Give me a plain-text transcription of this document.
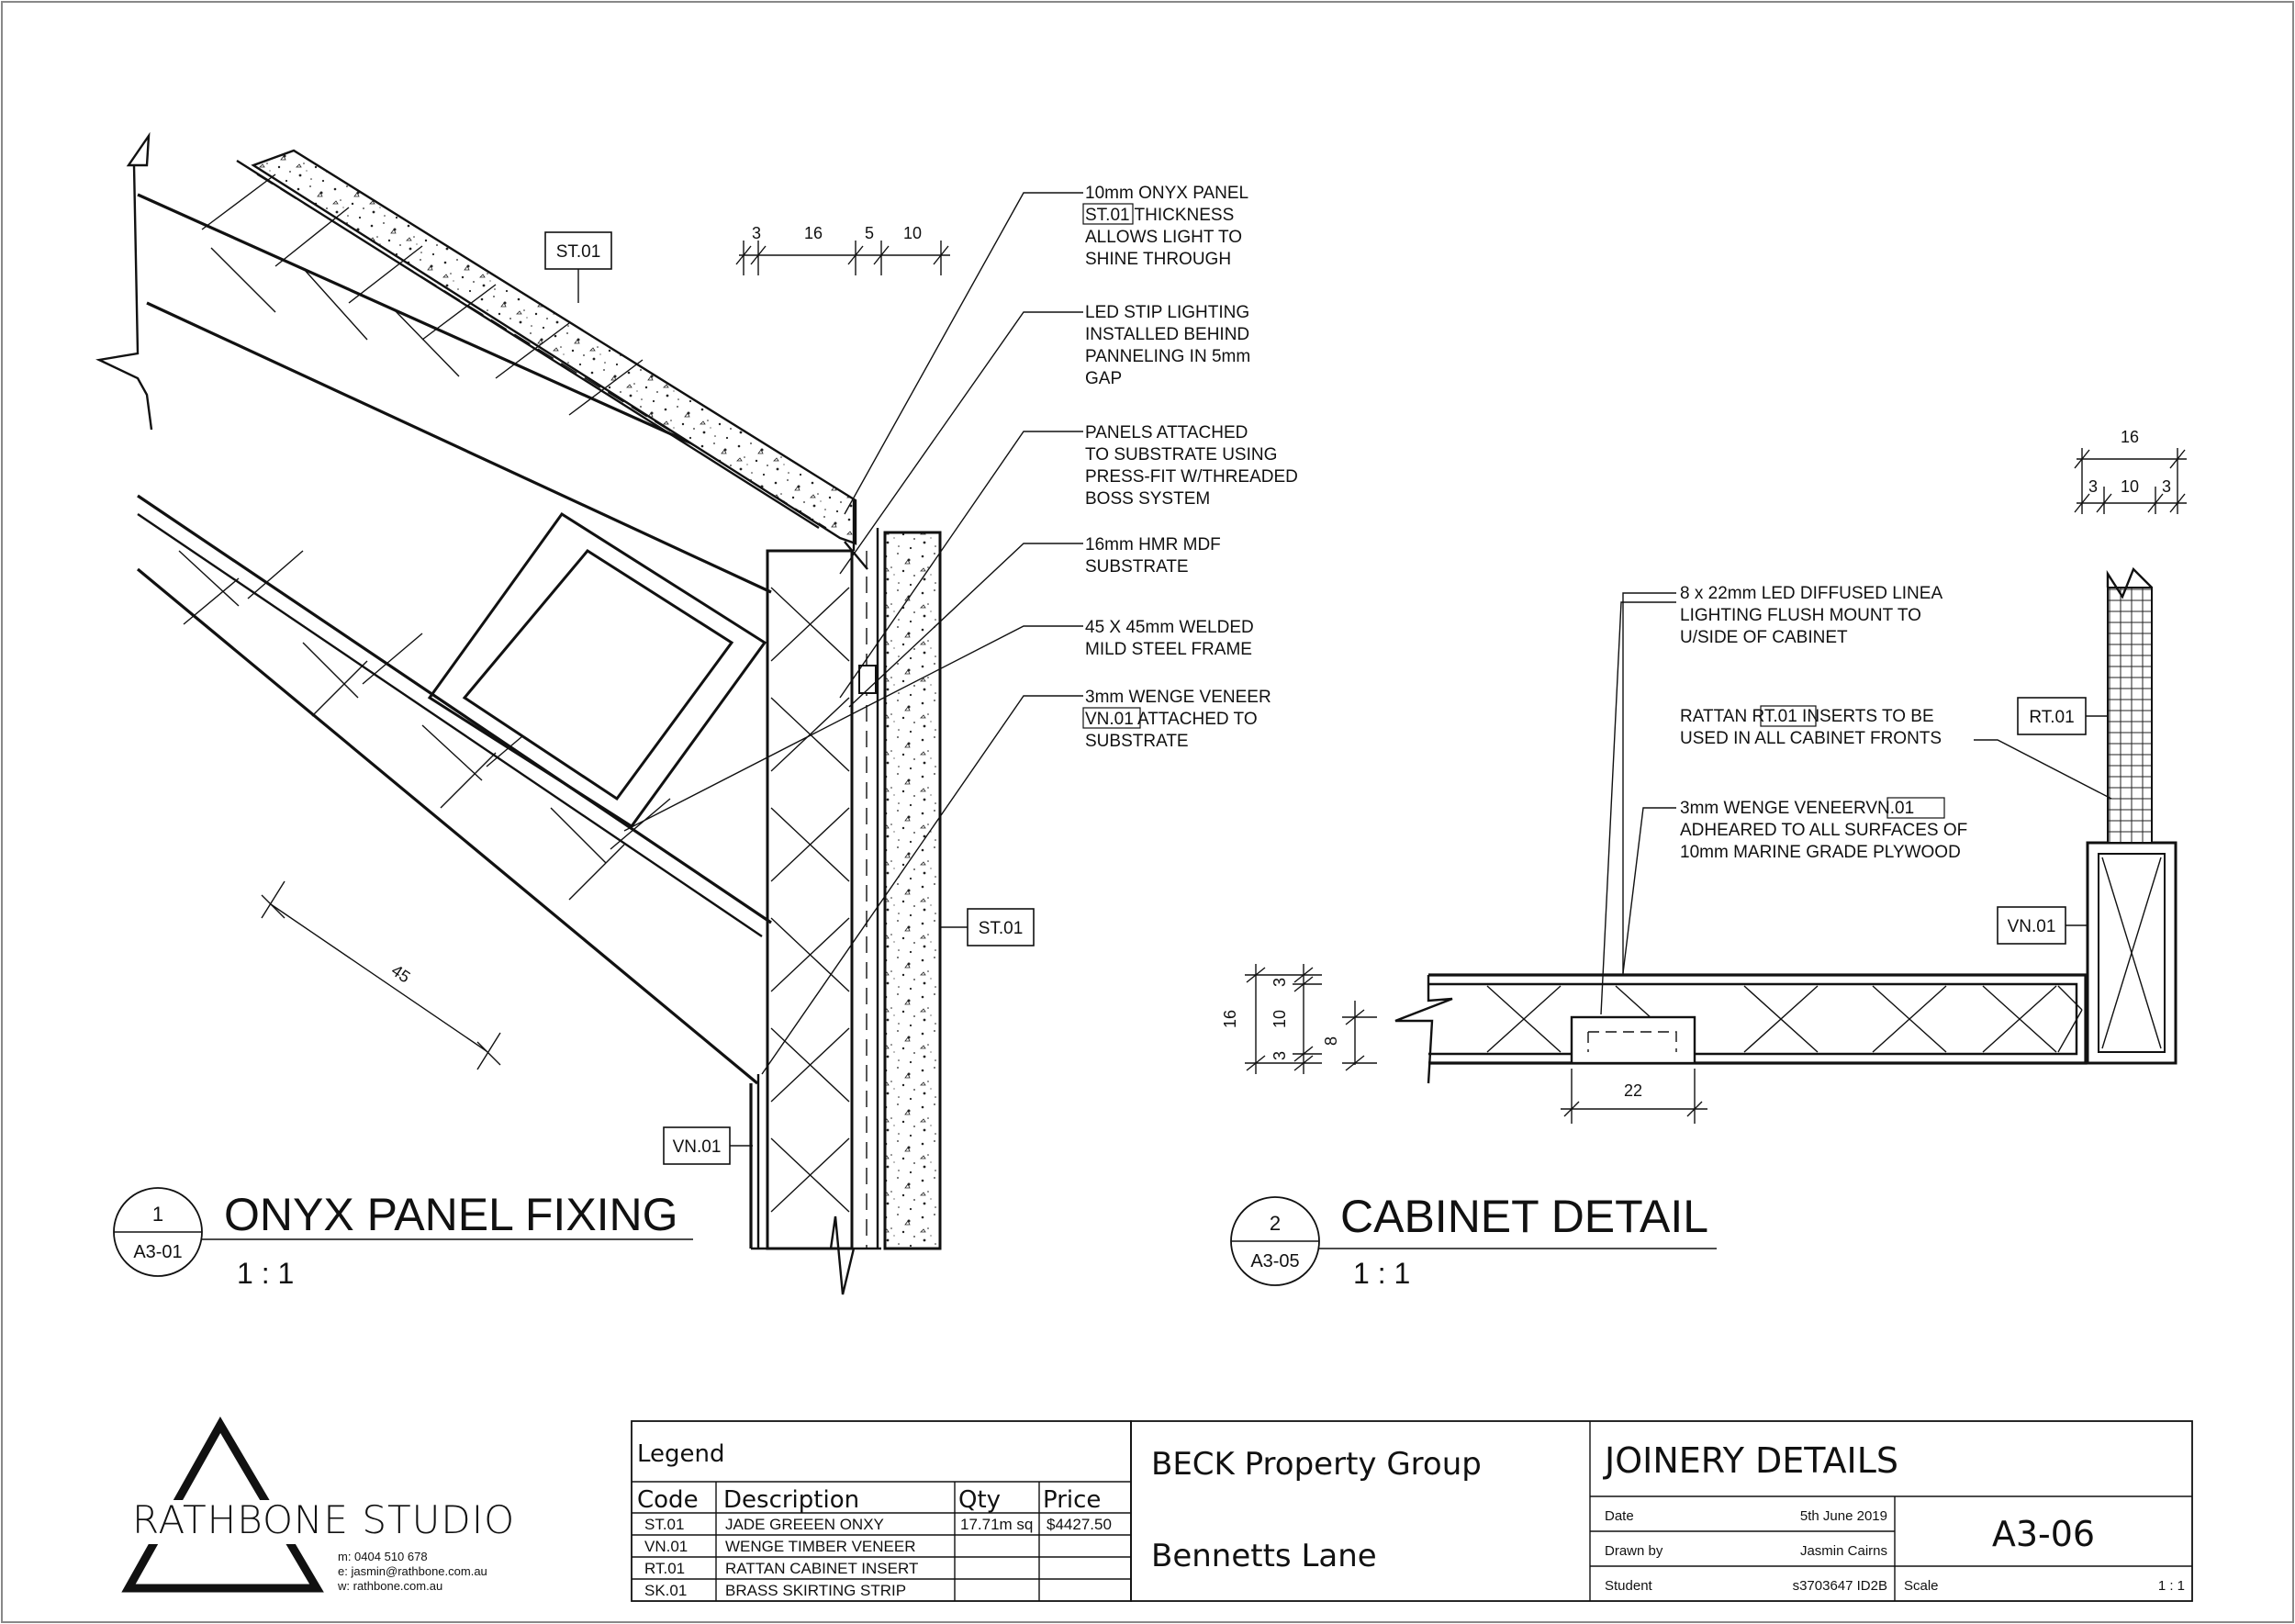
45
3	16	5 10
ST.01
ST.01
VN.01
10mm ONYX PANEL ST.01 THICKNESS ALLOWS LIGHT TO SHINE THROUGH
LED STIP LIGHTING INSTALLED BEHIND PANNELING IN 5mm GAP
PANELS ATTACHED TO SUBSTRATE USING PRESS-FIT W/THREADED BOSS SYSTEM
16mm HMR MDF SUBSTRATE
45 X 45mm WELDED MILD STEEL FRAME
3mm WENGE VENEER VN.01 ATTACHED TO SUBSTRATE
1
A3-01
ONYX PANEL FIXING
1 : 1
16
3 10 3
16
3
10
3
8
22
RT.01
VN.01
8 x 22mm LED DIFFUSED LINEA LIGHTING FLUSH MOUNT TO U/SIDE OF CABINET
RATTAN RT.01 INSERTS TO BE USED IN ALL CABINET FRONTS
3mm WENGE VENEERVN.01 ADHEARED TO ALL SURFACES OF 10mm MARINE GRADE PLYWOOD
2
A3-05
CABINET DETAIL
1 : 1
RATHBONE STUDIO
m: 0404 510 678
e: jasmin@rathbone.com.au
w: rathbone.com.au
Legend
Code Description	Qty Price
ST.01	JADE GREEEN ONXY	17.71m sq $4427.50
VN.01 WENGE TIMBER VENEER
RT.01	RATTAN CABINET INSERT
SK.01 BRASS SKIRTING STRIP
BECK Property Group
Bennetts Lane
JOINERY DETAILS
Date	5th June 2019
Drawn by	Jasmin Cairns
Student	s3703647 ID2B
A3-06
Scale	1 : 1
